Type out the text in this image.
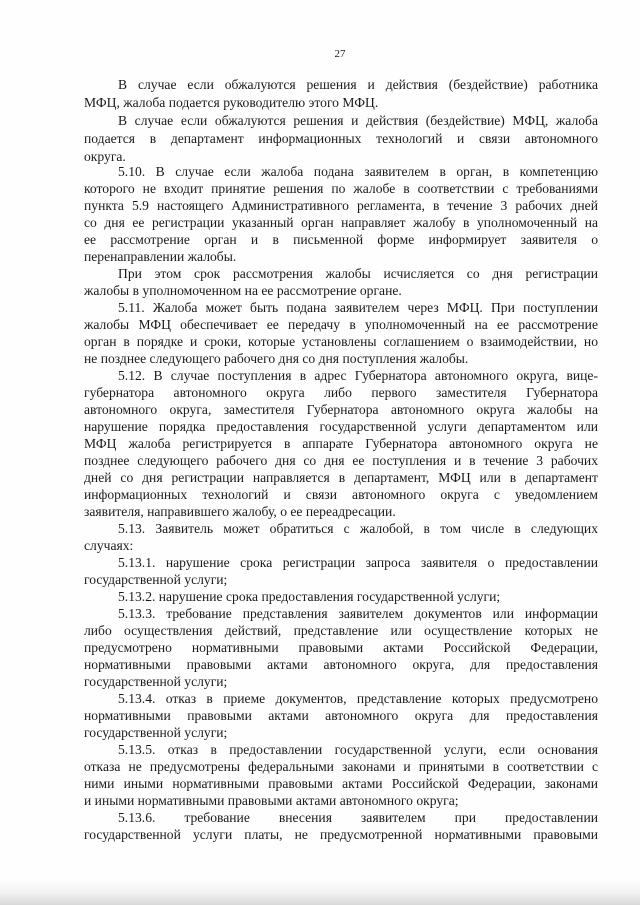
27
В случае если обжалуются решения и действия (бездействие) работника
МФЦ, жалоба подается руководителю этого МФЦ.
В случае если обжалуются решения и действия (бездействие) МФЦ, жалоба
подается в департамент информационных технологий и связи автономного
округа.
5.10. В случае если жалоба подана заявителем в орган, в компетенцию
которого не входит принятие решения по жалобе в соответствии с требованиями
пункта 5.9 настоящего Административного регламента, в течение 3 рабочих дней
со дня ее регистрации указанный орган направляет жалобу в уполномоченный на
ее рассмотрение орган и в письменной форме информирует заявителя о
перенаправлении жалобы.
При этом срок рассмотрения жалобы исчисляется со дня регистрации
жалобы в уполномоченном на ее рассмотрение органе.
5.11. Жалоба может быть подана заявителем через МФЦ. При поступлении
жалобы МФЦ обеспечивает ее передачу в уполномоченный на ее рассмотрение
орган в порядке и сроки, которые установлены соглашением о взаимодействии, но
не позднее следующего рабочего дня со дня поступления жалобы.
5.12. В случае поступления в адрес Губернатора автономного округа, вице-
губернатора автономного округа либо первого заместителя Губернатора
автономного округа, заместителя Губернатора автономного округа жалобы на
нарушение порядка предоставления государственной услуги департаментом или
МФЦ жалоба регистрируется в аппарате Губернатора автономного округа не
позднее следующего рабочего дня со дня ее поступления и в течение 3 рабочих
дней со дня регистрации направляется в департамент, МФЦ или в департамент
информационных технологий и связи автономного округа с уведомлением
заявителя, направившего жалобу, о ее переадресации.
5.13. Заявитель может обратиться с жалобой, в том числе в следующих
случаях:
5.13.1. нарушение срока регистрации запроса заявителя о предоставлении
государственной услуги;
5.13.2. нарушение срока предоставления государственной услуги;
5.13.3. требование представления заявителем документов или информации
либо осуществления действий, представление или осуществление которых не
предусмотрено нормативными правовыми актами Российской Федерации,
нормативными правовыми актами автономного округа, для предоставления
государственной услуги;
5.13.4. отказ в приеме документов, представление которых предусмотрено
нормативными правовыми актами автономного округа для предоставления
государственной услуги;
5.13.5. отказ в предоставлении государственной услуги, если основания
отказа не предусмотрены федеральными законами и принятыми в соответствии с
ними иными нормативными правовыми актами Российской Федерации, законами
и иными нормативными правовыми актами автономного округа;
5.13.6. требование внесения заявителем при предоставлении
государственной услуги платы, не предусмотренной нормативными правовыми
